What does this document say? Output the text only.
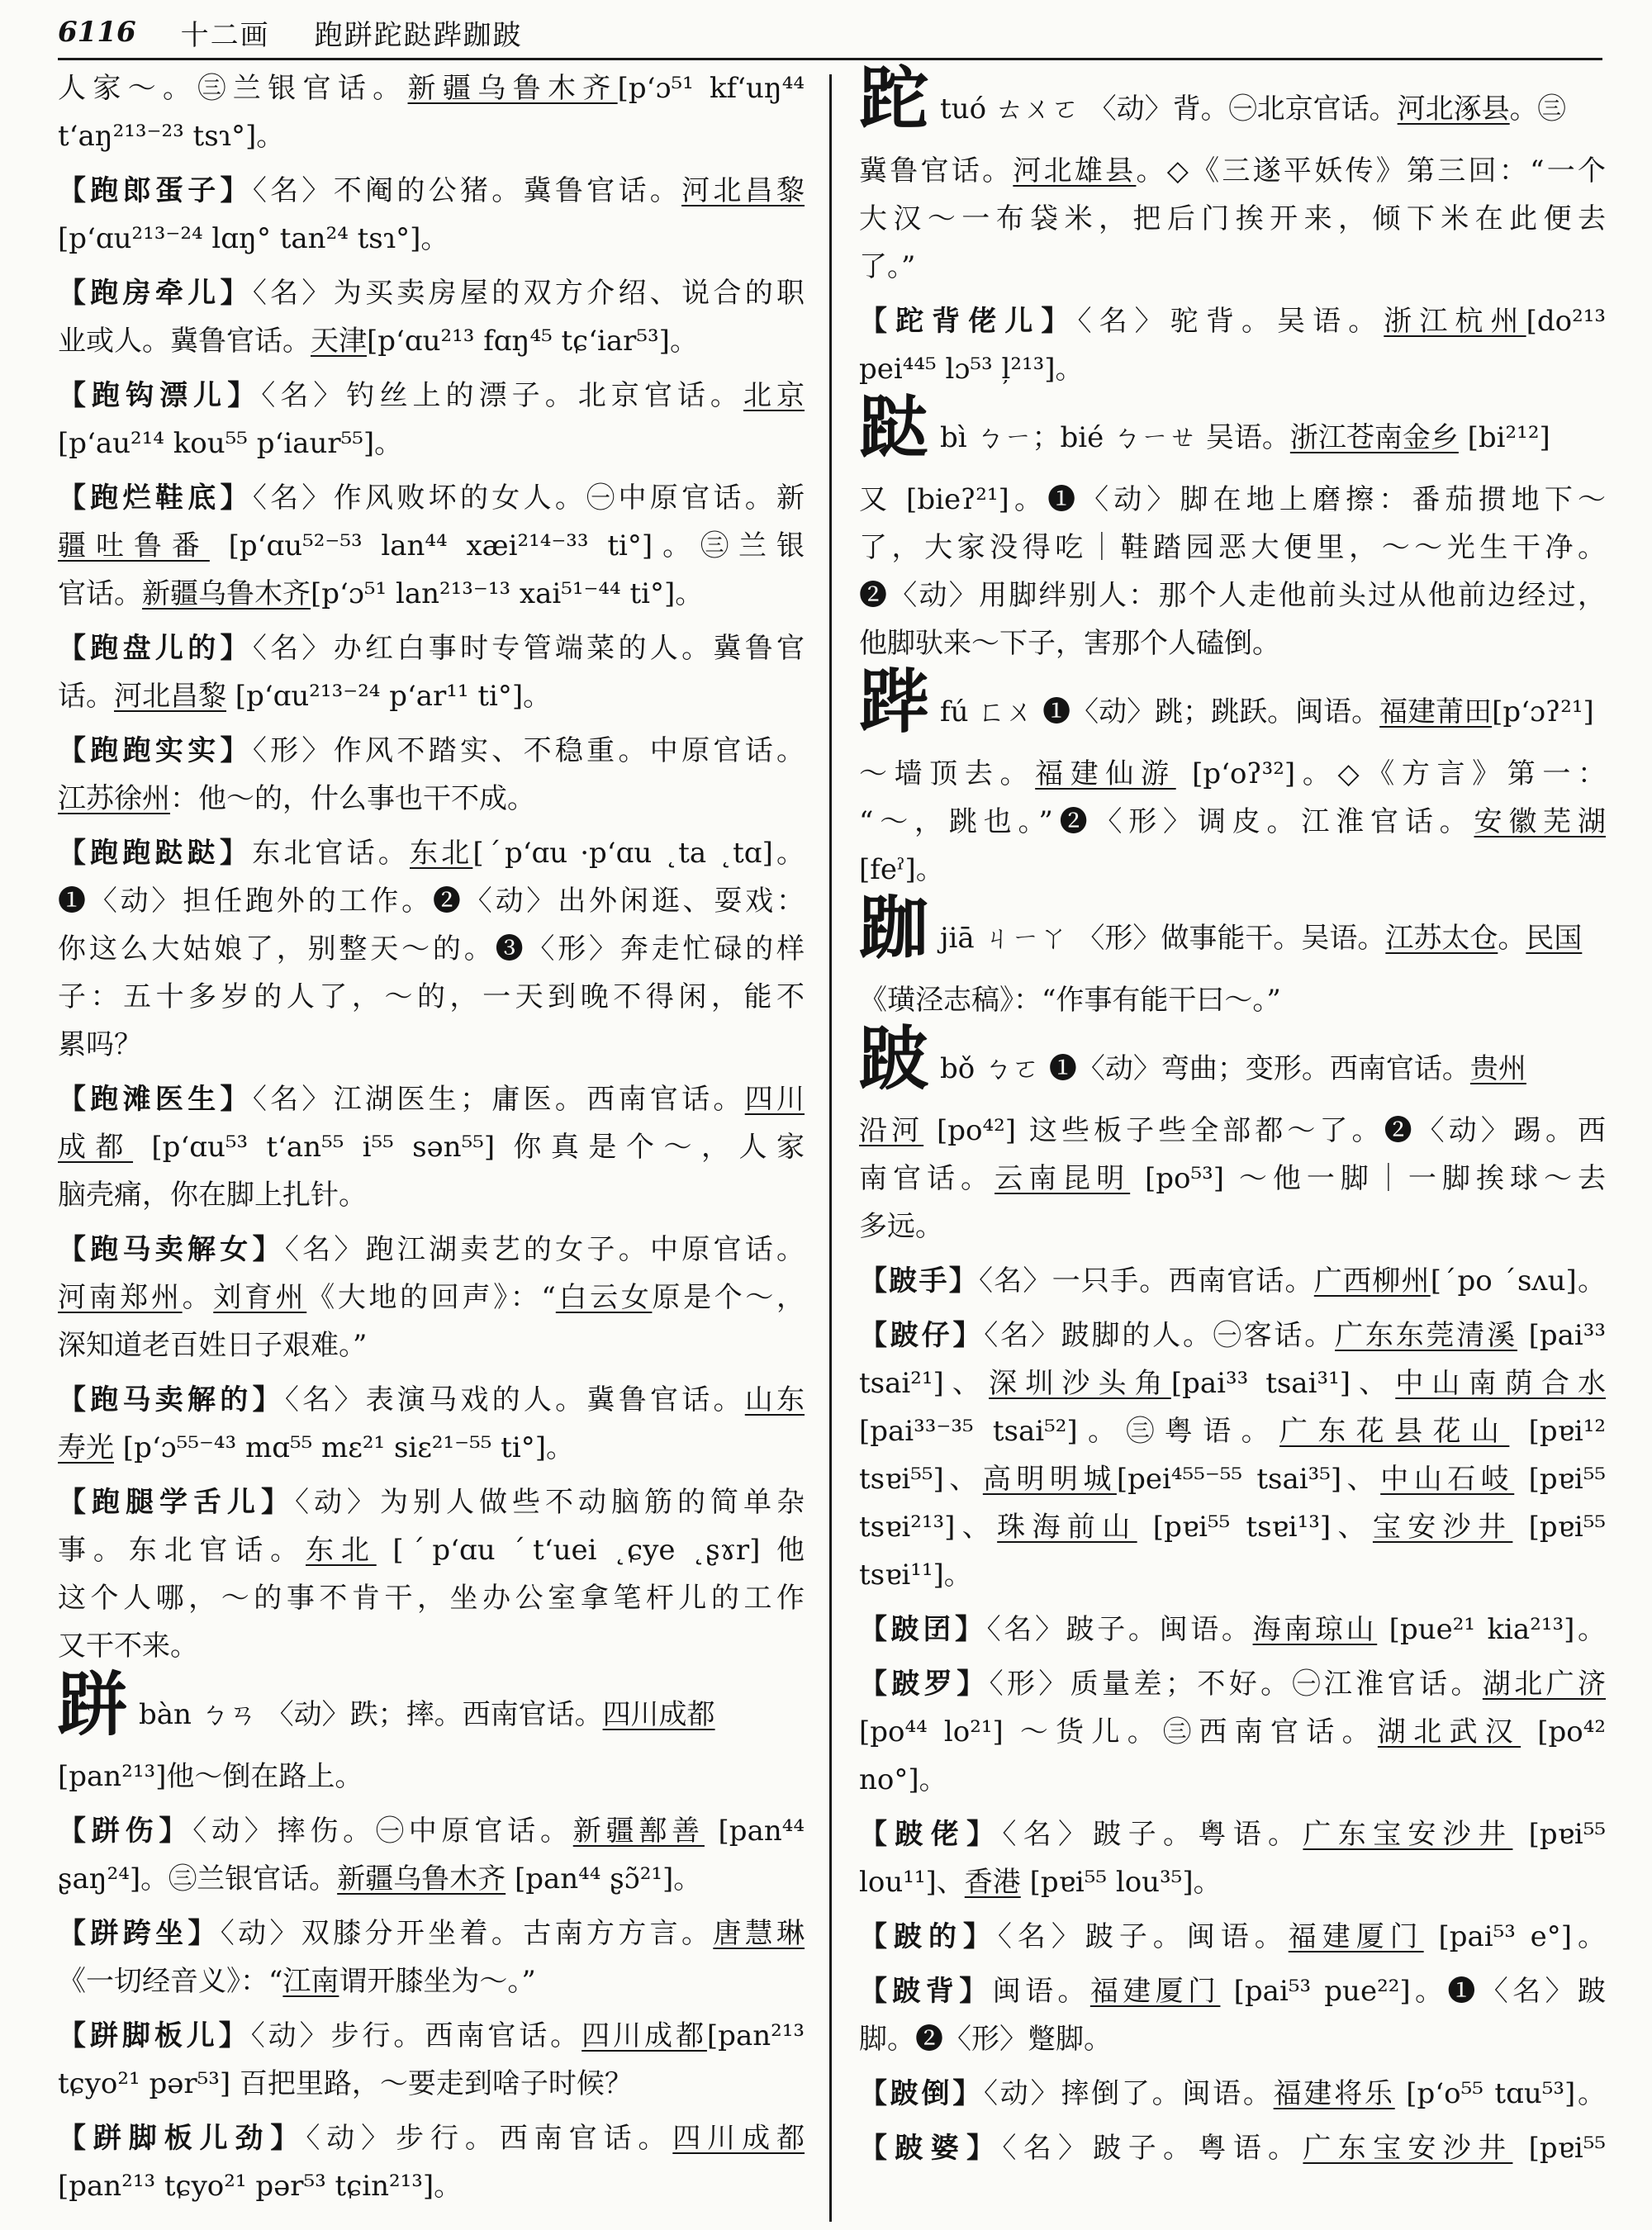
6116 十二画 跑跰跎跶跸跏跛

人家～。㊂兰银官话。新疆乌鲁木齐[pʻɔ⁵¹ kfʻuŋ⁴⁴

tʻaŋ²¹³⁻²³ tsɿ°]。

【跑郎蛋子】〈名〉不阉的公猪。冀鲁官话。河北昌黎

[pʻɑu²¹³⁻²⁴ lɑŋ° tan²⁴ tsɿ°]。

【跑房牵儿】〈名〉为买卖房屋的双方介绍、说合的职

业或人。冀鲁官话。天津[pʻɑu²¹³ fɑŋ⁴⁵ tɕʻiar⁵³]。

【跑钩漂儿】〈名〉钓丝上的漂子。北京官话。北京

[pʻau²¹⁴ kou⁵⁵ pʻiaur⁵⁵]。

【跑烂鞋底】〈名〉作风败坏的女人。㊀中原官话。新

疆吐鲁番 [pʻɑu⁵²⁻⁵³ lan⁴⁴ xæi²¹⁴⁻³³ ti°]。㊂兰银

官话。新疆乌鲁木齐[pʻɔ⁵¹ lan²¹³⁻¹³ xai⁵¹⁻⁴⁴ ti°]。

【跑盘儿的】〈名〉办红白事时专管端菜的人。冀鲁官

话。河北昌黎 [pʻɑu²¹³⁻²⁴ pʻar¹¹ ti°]。

【跑跑实实】〈形〉作风不踏实、不稳重。中原官话。

江苏徐州：他～的，什么事也干不成。

【跑跑跶跶】东北官话。东北[ˊpʻɑu ·pʻɑu ˛ta ˛tɑ]。

❶〈动〉担任跑外的工作。❷〈动〉出外闲逛、耍戏：

你这么大姑娘了，别整天～的。❸〈形〉奔走忙碌的样

子：五十多岁的人了，～的，一天到晚不得闲，能不

累吗？

【跑滩医生】〈名〉江湖医生；庸医。西南官话。四川

成都 [pʻɑu⁵³ tʻan⁵⁵ i⁵⁵ sən⁵⁵] 你真是个～，人家

脑壳痛，你在脚上扎针。

【跑马卖解女】〈名〉跑江湖卖艺的女子。中原官话。

河南郑州。刘育州《大地的回声》：“白云女原是个～，

深知道老百姓日子艰难。”

【跑马卖解的】〈名〉表演马戏的人。冀鲁官话。山东

寿光 [pʻɔ⁵⁵⁻⁴³ mɑ⁵⁵ mɛ²¹ siɛ²¹⁻⁵⁵ ti°]。

【跑腿学舌儿】〈动〉为别人做些不动脑筋的简单杂

事。东北官话。东北 [ˊpʻɑu ˊtʻuei ˛ɕye ˛ʂɤr] 他

这个人哪，～的事不肯干，坐办公室拿笔杆儿的工作

又干不来。

跰bàn ㄅㄢ 〈动〉跌；摔。西南官话。四川成都

[pan²¹³]他～倒在路上。

【跰伤】〈动〉摔伤。㊀中原官话。新疆鄯善 [pan⁴⁴

ʂaŋ²⁴]。㊂兰银官话。新疆乌鲁木齐 [pan⁴⁴ ʂɔ̃²¹]。

【跰跨坐】〈动〉双膝分开坐着。古南方方言。唐慧琳

《一切经音义》：“江南谓开膝坐为～。”

【跰脚板儿】〈动〉步行。西南官话。四川成都[pan²¹³

tɕyo²¹ pər⁵³] 百把里路，～要走到啥子时候？

【跰脚板儿劲】〈动〉步行。西南官话。四川成都

[pan²¹³ tɕyo²¹ pər⁵³ tɕin²¹³]。

跎tuó ㄊㄨㄛ 〈动〉背。㊀北京官话。河北涿县。㊂

冀鲁官话。河北雄县。◇《三遂平妖传》第三回：“一个

大汉～一布袋米，把后门挨开来，倾下米在此便去

了。”

【跎背佬儿】〈名〉驼背。吴语。浙江杭州[do²¹³

pei⁴⁴⁵ lɔ⁵³ ļ²¹³]。

跶bì ㄅㄧ；bié ㄅㄧㄝ 吴语。浙江苍南金乡 [bi²¹²]

又 [bieʔ²¹]。❶〈动〉脚在地上磨擦：番茄掼地下～

了，大家没得吃｜鞋踏园恶大便里，～～光生干净。

❷〈动〉用脚绊别人：那个人走他前头过从他前边经过，

他脚驮来～下子，害那个人磕倒。

跸fú ㄈㄨ ❶〈动〉跳；跳跃。闽语。福建莆田[pʻɔʔ²¹]

～墙顶去。福建仙游 [pʻoʔ³²]。◇《方言》第一：

“～，跳也。”❷〈形〉调皮。江淮官话。安徽芜湖

[feˀ]。

跏jiā ㄐㄧㄚ 〈形〉做事能干。吴语。江苏太仓。民国

《璜泾志稿》：“作事有能干曰～。”

跛bǒ ㄅㄛ ❶〈动〉弯曲；变形。西南官话。贵州

沿河 [po⁴²] 这些板子些全部都～了。❷〈动〉踢。西

南官话。云南昆明 [po⁵³] ～他一脚｜一脚挨球～去

多远。

【跛手】〈名〉一只手。西南官话。广西柳州[ˊpo ˊsʌu]。

【跛仔】〈名〉跛脚的人。㊀客话。广东东莞清溪 [pai³³

tsai²¹]、深圳沙头角[pai³³ tsai³¹]、中山南荫合水

[pai³³⁻³⁵ tsai⁵²]。㊂粤语。广东花县花山 [pɐi¹²

tsɐi⁵⁵]、高明明城[pei⁴⁵⁵⁻⁵⁵ tsai³⁵]、中山石岐 [pɐi⁵⁵

tsɐi²¹³]、珠海前山 [pɐi⁵⁵ tsɐi¹³]、宝安沙井 [pɐi⁵⁵

tsɐi¹¹]。

【跛囝】〈名〉跛子。闽语。海南琼山 [pue²¹ kia²¹³]。

【跛罗】〈形〉质量差；不好。㊀江淮官话。湖北广济

[po⁴⁴ lo²¹] ～货儿。㊂西南官话。湖北武汉 [po⁴²

no°]。

【跛佬】〈名〉跛子。粤语。广东宝安沙井 [pɐi⁵⁵

lou¹¹]、香港 [pɐi⁵⁵ lou³⁵]。

【跛的】〈名〉跛子。闽语。福建厦门 [pai⁵³ e°]。

【跛背】闽语。福建厦门 [pai⁵³ pue²²]。❶〈名〉跛

脚。❷〈形〉蹩脚。

【跛倒】〈动〉摔倒了。闽语。福建将乐 [pʻo⁵⁵ tɑu⁵³]。

【跛婆】〈名〉跛子。粤语。广东宝安沙井 [pɐi⁵⁵
